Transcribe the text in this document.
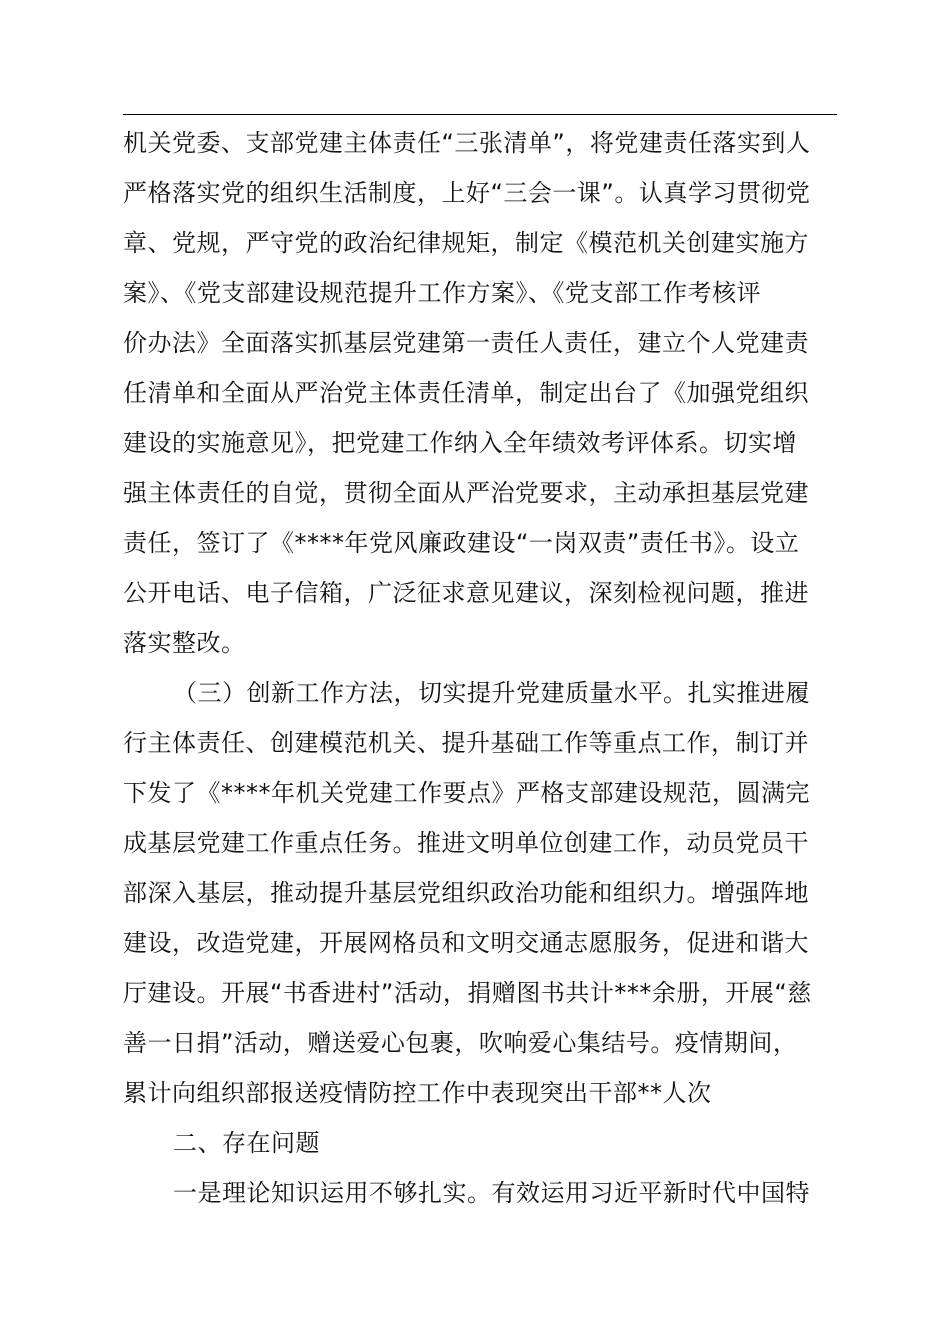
机关党委、支部党建主体责任“三张清单”，将党建责任落实到人
严格落实党的组织生活制度，上好“三会一课”。认真学习贯彻党
章、党规，严守党的政治纪律规矩，制定《模范机关创建实施方
案》、《党支部建设规范提升工作方案》、《党支部工作考核评
价办法》全面落实抓基层党建第一责任人责任，建立个人党建责
任清单和全面从严治党主体责任清单，制定出台了《加强党组织
建设的实施意见》，把党建工作纳入全年绩效考评体系。切实增
强主体责任的自觉，贯彻全面从严治党要求，主动承担基层党建
责任，签订了《****年党风廉政建设“一岗双责”责任书》。设立
公开电话、电子信箱，广泛征求意见建议，深刻检视问题，推进
落实整改。
（三）创新工作方法，切实提升党建质量水平。扎实推进履
行主体责任、创建模范机关、提升基础工作等重点工作，制订并
下发了《****年机关党建工作要点》严格支部建设规范，圆满完
成基层党建工作重点任务。推进文明单位创建工作，动员党员干
部深入基层，推动提升基层党组织政治功能和组织力。增强阵地
建设，改造党建，开展网格员和文明交通志愿服务，促进和谐大
厅建设。开展“书香进村”活动，捐赠图书共计***余册，开展“慈
善一日捐”活动，赠送爱心包裹，吹响爱心集结号。疫情期间，
累计向组织部报送疫情防控工作中表现突出干部**人次
二、存在问题
一是理论知识运用不够扎实。有效运用习近平新时代中国特
